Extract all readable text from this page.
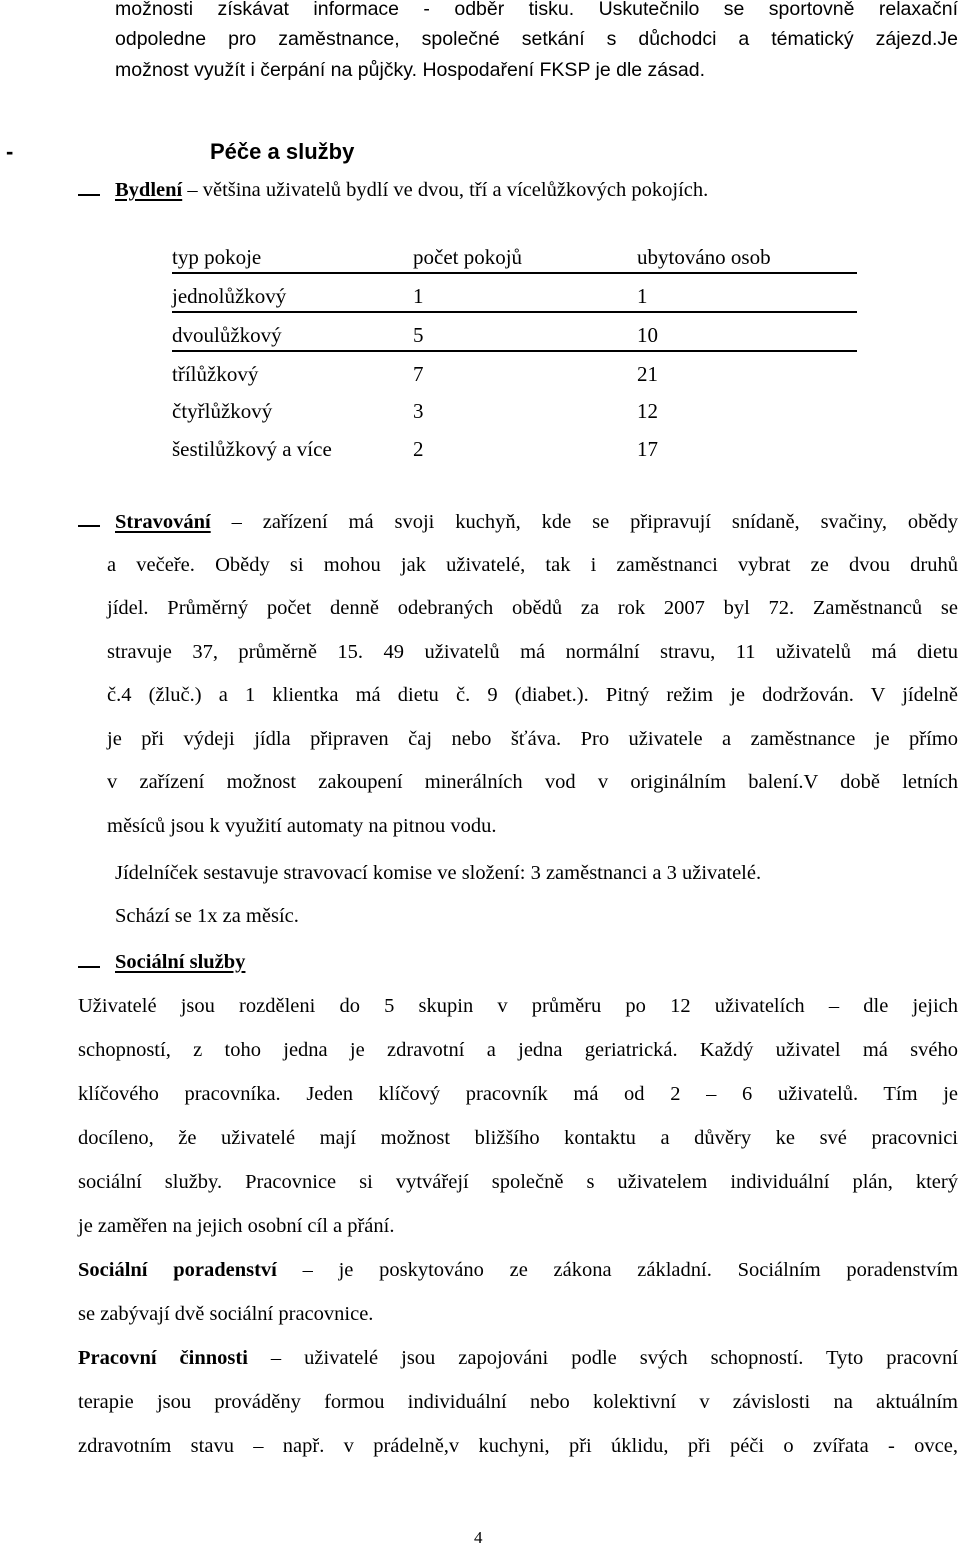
možnosti získávat informace - odběr tisku. Uskutečnilo se sportovně relaxační
odpoledne pro zaměstnance, společné setkání s důchodci a tématický zájezd.Je
možnost využít i čerpání na půjčky. Hospodaření FKSP je dle zásad.
-	Péče a služby
Bydlení – většina uživatelů bydlí ve dvou, tří a vícelůžkových pokojích.
typ pokoje	počet pokojů	ubytováno osob
jednolůžkový	1	1
dvoulůžkový	5	10
třílůžkový	7	21
čtyřlůžkový	3	12
šestilůžkový a více	2	17
Stravování – zařízení má svoji kuchyň, kde se připravují snídaně, svačiny, obědy
a večeře. Obědy si mohou jak uživatelé, tak i zaměstnanci vybrat ze dvou druhů
jídel. Průměrný počet denně odebraných obědů za rok 2007 byl 72. Zaměstnanců se
stravuje 37, průměrně 15. 49 uživatelů má normální stravu, 11 uživatelů má dietu
č.4 (žluč.) a 1 klientka má dietu č. 9 (diabet.). Pitný režim je dodržován. V jídelně
je při výdeji jídla připraven čaj nebo šťáva. Pro uživatele a zaměstnance je přímo
v zařízení možnost zakoupení minerálních vod v originálním balení.V době letních
měsíců jsou k využití automaty na pitnou vodu.
Jídelníček sestavuje stravovací komise ve složení: 3 zaměstnanci a 3 uživatelé.
Schází se 1x za měsíc.
Sociální služby
Uživatelé jsou rozděleni do 5 skupin v průměru po 12 uživatelích – dle jejich
schopností, z toho jedna je zdravotní a jedna geriatrická. Každý uživatel má svého
klíčového pracovníka. Jeden klíčový pracovník má od 2 – 6 uživatelů. Tím je
docíleno, že uživatelé mají možnost bližšího kontaktu a důvěry ke své pracovnici
sociální služby. Pracovnice si vytvářejí společně s uživatelem individuální plán, který
je zaměřen na jejich osobní cíl a přání.
Sociální poradenství – je poskytováno ze zákona základní. Sociálním poradenstvím
se zabývají dvě sociální pracovnice.
Pracovní činnosti – uživatelé jsou zapojováni podle svých schopností. Tyto pracovní
terapie jsou prováděny formou individuální nebo kolektivní v závislosti na aktuálním
zdravotním stavu – např. v prádelně,v kuchyni, při úklidu, při péči o zvířata - ovce,
4
